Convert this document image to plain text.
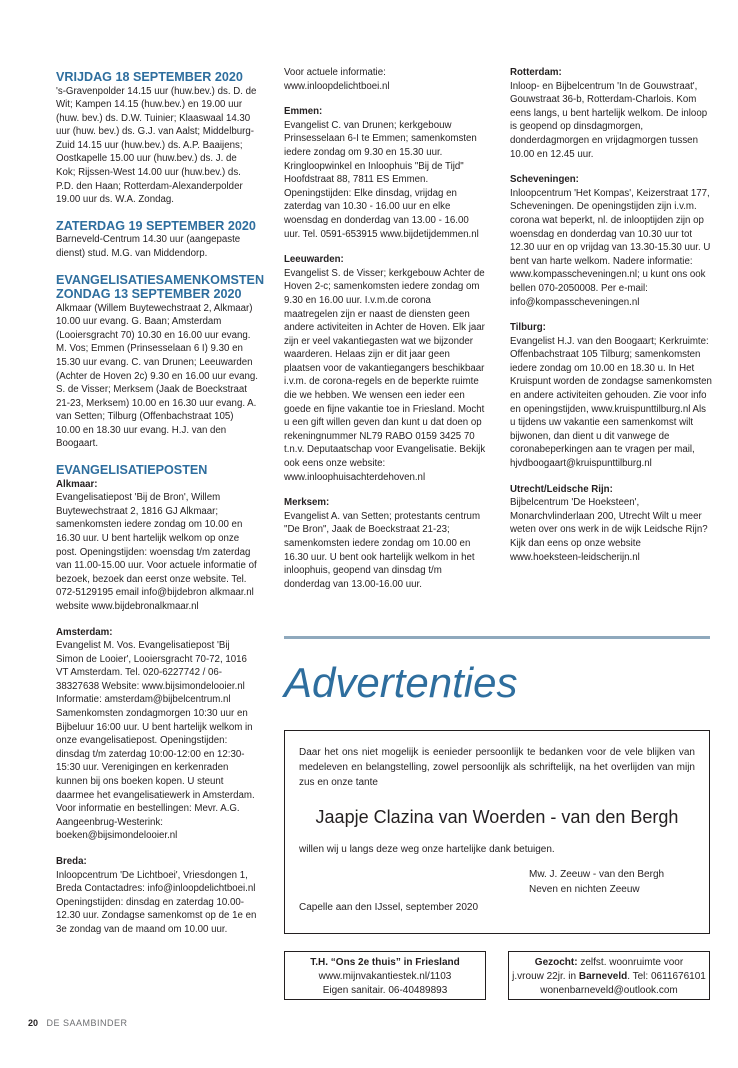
VRIJDAG 18 SEPTEMBER 2020

's-Gravenpolder 14.15 uur (huw.bev.) ds. D. de Wit; Kampen 14.15 (huw.bev.) en 19.00 uur (huw. bev.) ds. D.W. Tuinier; Klaaswaal 14.30 uur (huw. bev.) ds. G.J. van Aalst; Middelburg-Zuid 14.15 uur (huw.bev.) ds. A.P. Baaijens; Oostkapelle 15.00 uur (huw.bev.) ds. J. de Kok; Rijssen-West 14.00 uur (huw.bev.) ds. P.D. den Haan; Rotterdam-Alexanderpolder 19.00 uur ds. W.A. Zondag.

ZATERDAG 19 SEPTEMBER 2020

Barneveld-Centrum 14.30 uur (aangepaste dienst) stud. M.G. van Middendorp.

EVANGELISATIESAMENKOMSTEN

ZONDAG 13 SEPTEMBER 2020

Alkmaar (Willem Buytewechstraat 2, Alkmaar) 10.00 uur evang. G. Baan; Amsterdam (Looiersgracht 70) 10.30 en 16.00 uur evang. M. Vos; Emmen (Prinsesselaan 6 I) 9.30 en 15.30 uur evang. C. van Drunen; Leeuwarden (Achter de Hoven 2c) 9.30 en 16.00 uur evang. S. de Visser; Merksem (Jaak de Boeckstraat 21-23, Merksem) 10.00 en 16.30 uur evang. A. van Setten; Tilburg (Offenbachstraat 105) 10.00 en 18.30 uur evang. H.J. van den Boogaart.

EVANGELISATIEPOSTEN

Alkmaar:

Evangelisatiepost 'Bij de Bron', Willem Buytewechstraat 2, 1816 GJ Alkmaar; samenkomsten iedere zondag om 10.00 en 16.30 uur. U bent hartelijk welkom op onze post. Openingstijden: woensdag t/m zaterdag van 11.00-15.00 uur. Voor actuele informatie of bezoek, bezoek dan eerst onze website. Tel. 072-5129195 email info@bijdebron alkmaar.nl website www.bijdebronalkmaar.nl

Amsterdam:

Evangelist M. Vos. Evangelisatiepost 'Bij Simon de Looier', Looiersgracht 70-72, 1016 VT Amsterdam. Tel. 020-6227742 / 06-38327638 Website: www.bijsimondelooier.nl Informatie: amsterdam@bijbelcentrum.nl Samenkomsten zondagmorgen 10:30 uur en Bijbeluur 16:00 uur. U bent hartelijk welkom in onze evangelisatiepost. Openingstijden: dinsdag t/m zaterdag 10:00-12:00 en 12:30-15:30 uur. Verenigingen en kerkenraden kunnen bij ons boeken kopen. U steunt daarmee het evangelisatiewerk in Amsterdam. Voor informatie en bestellingen: Mevr. A.G. Aangeenbrug-Westerink: boeken@bijsimondelooier.nl

Breda:

Inloopcentrum 'De Lichtboei', Vriesdongen 1, Breda Contactadres: info@inloopdelichtboei.nl Openingstijden: dinsdag en zaterdag 10.00-12.30 uur. Zondagse samenkomst op de 1e en 3e zondag van de maand om 10.00 uur.

Voor actuele informatie: www.inloopdelichtboei.nl

Emmen:

Evangelist C. van Drunen; kerkgebouw Prinsesselaan 6-I te Emmen; samenkomsten iedere zondag om 9.30 en 15.30 uur. Kringloopwinkel en Inloophuis "Bij de Tijd" Hoofdstraat 88, 7811 ES Emmen. Openingstijden: Elke dinsdag, vrijdag en zaterdag van 10.30 - 16.00 uur en elke woensdag en donderdag van 13.00 - 16.00 uur. Tel. 0591-653915 www.bijdetijdemmen.nl

Leeuwarden:

Evangelist S. de Visser; kerkgebouw Achter de Hoven 2-c; samenkomsten iedere zondag om 9.30 en 16.00 uur. I.v.m.de corona maatregelen zijn er naast de diensten geen andere activiteiten in Achter de Hoven. Elk jaar zijn er veel vakantiegasten wat we bijzonder waarderen. Helaas zijn er dit jaar geen plaatsen voor de vakantiegangers beschikbaar i.v.m. de corona-regels en de beperkte ruimte die we hebben. We wensen een ieder een goede en fijne vakantie toe in Friesland. Mocht u een gift willen geven dan kunt u dat doen op rekeningnummer NL79 RABO 0159 3425 70 t.n.v. Deputaatschap voor Evangelisatie. Bekijk ook eens onze website: www.inloophuisachterdehoven.nl

Merksem:

Evangelist A. van Setten; protestants centrum "De Bron", Jaak de Boeckstraat 21-23; samenkomsten iedere zondag om 10.00 en 16.30 uur. U bent ook hartelijk welkom in het inloophuis, geopend van dinsdag t/m donderdag van 13.00-16.00 uur.

Rotterdam:

Inloop- en Bijbelcentrum 'In de Gouwstraat', Gouwstraat 36-b, Rotterdam-Charlois. Kom eens langs, u bent hartelijk welkom. De inloop is geopend op dinsdagmorgen, donderdagmorgen en vrijdagmorgen tussen 10.00 en 12.45 uur.

Scheveningen:

Inloopcentrum 'Het Kompas', Keizerstraat 177, Scheveningen. De openingstijden zijn i.v.m. corona wat beperkt, nl. de inlooptijden zijn op woensdag en donderdag van 10.30 uur tot 12.30 uur en op vrijdag van 13.30-15.30 uur. U bent van harte welkom. Nadere informatie: www.kompasscheveningen.nl; u kunt ons ook bellen 070-2050008. Per e-mail: info@kompasscheveningen.nl

Tilburg:

Evangelist H.J. van den Boogaart; Kerkruimte: Offenbachstraat 105 Tilburg; samenkomsten iedere zondag om 10.00 en 18.30 u. In Het Kruispunt worden de zondagse samenkomsten en andere activiteiten gehouden. Zie voor info en openingstijden, www.kruispunttilburg.nl Als u tijdens uw vakantie een samenkomst wilt bijwonen, dan dient u dit vanwege de coronabeperkingen aan te vragen per mail, hjvdboogaart@kruispunttilburg.nl

Utrecht/Leidsche Rijn:

Bijbelcentrum 'De Hoeksteen', Monarchvlinderlaan 200, Utrecht Wilt u meer weten over ons werk in de wijk Leidsche Rijn? Kijk dan eens op onze website www.hoeksteen-leidscherijn.nl

Advertenties

Daar het ons niet mogelijk is eenieder persoonlijk te bedanken voor de vele blijken van medeleven en belangstelling, zowel persoonlijk als schriftelijk, na het overlijden van mijn zus en onze tante

Jaapje Clazina van Woerden - van den Bergh

willen wij u langs deze weg onze hartelijke dank betuigen.

Mw. J. Zeeuw - van den Bergh

Neven en nichten Zeeuw

Capelle aan den IJssel, september 2020

T.H. “Ons 2e thuis” in Friesland
www.mijnvakantiestek.nl/1103
Eigen sanitair. 06-40489893
Gezocht: zelfst. woonruimte voor
j.vrouw 22jr. in Barneveld. Tel: 0611676101
wonenbarneveld@outlook.com
20 DE SAAMBINDER
